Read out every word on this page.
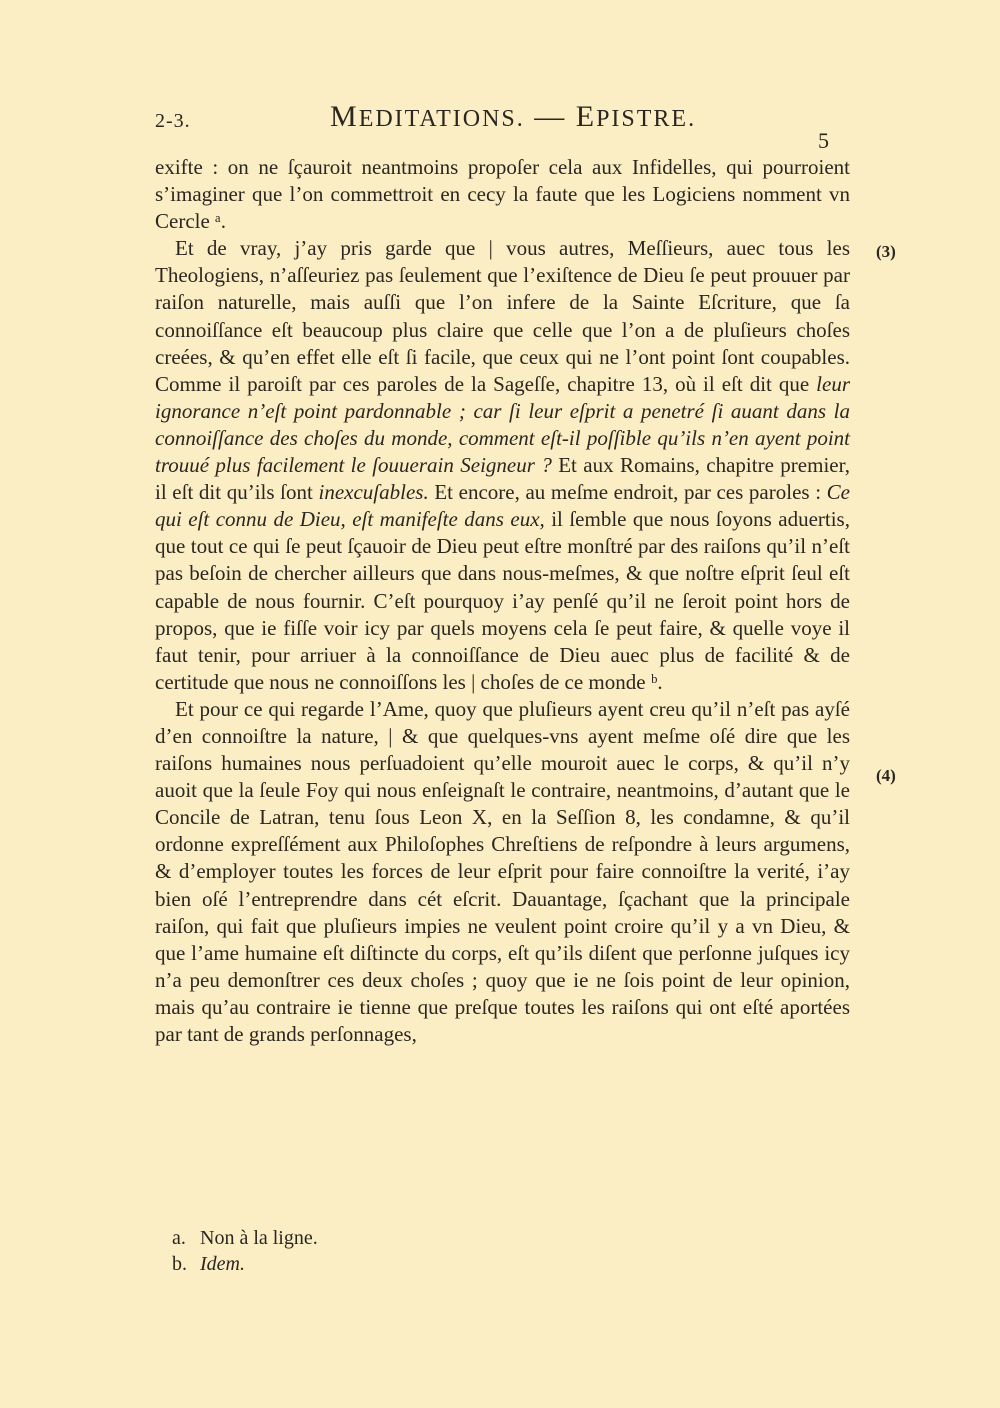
2-3.	MEDITATIONS. — EPISTRE.
5

exifte : on ne ſçauroit neantmoins propoſer cela aux Infidelles, qui pourroient s’imaginer que l’on commettroit en cecy la faute que les Logiciens nomment vn Cercle ᵃ.

Et de vray, j’ay pris garde que | vous autres, Meſſieurs, auec tous les Theologiens, n’aſſeuriez pas ſeulement que l’exiſtence de Dieu ſe peut prouuer par raiſon naturelle, mais auſſi que l’on infere de la Sainte Eſcriture, que ſa connoiſſance eſt beaucoup plus claire que celle que l’on a de pluſieurs choſes creées, & qu’en effet elle eſt ſi facile, que ceux qui ne l’ont point ſont coupables. Comme il paroiſt par ces paroles de la Sageſſe, chapitre 13, où il eſt dit que leur ignorance n’eſt point pardonnable ; car ſi leur eſprit a penetré ſi auant dans la connoiſſance des choſes du monde, comment eſt-il poſſible qu’ils n’en ayent point trouué plus facilement le ſouuerain Seigneur ? Et aux Romains, chapitre premier, il eſt dit qu’ils ſont inexcuſables. Et encore, au meſme endroit, par ces paroles : Ce qui eſt connu de Dieu, eſt manifeſte dans eux, il ſemble que nous ſoyons aduertis, que tout ce qui ſe peut ſçauoir de Dieu peut eſtre monſtré par des raiſons qu’il n’eſt pas beſoin de chercher ailleurs que dans nous-meſmes, & que noſtre eſprit ſeul eſt capable de nous fournir. C’eſt pourquoy i’ay penſé qu’il ne ſeroit point hors de propos, que ie fiſſe voir icy par quels moyens cela ſe peut faire, & quelle voye il faut tenir, pour arriuer à la connoiſſance de Dieu auec plus de facilité & de certitude que nous ne connoiſſons les | choſes de ce monde ᵇ.

Et pour ce qui regarde l’Ame, quoy que pluſieurs ayent creu qu’il n’eſt pas ayſé d’en connoiſtre la nature, | & que quelques-vns ayent meſme oſé dire que les raiſons humaines nous perſuadoient qu’elle mouroit auec le corps, & qu’il n’y auoit que la ſeule Foy qui nous enſeignaſt le contraire, neantmoins, d’autant que le Concile de Latran, tenu ſous Leon X, en la Seſſion 8, les condamne, & qu’il ordonne expreſſément aux Philoſophes Chreſtiens de reſpondre à leurs argumens, & d’employer toutes les forces de leur eſprit pour faire connoiſtre la verité, i’ay bien oſé l’entreprendre dans cét eſcrit. Dauantage, ſçachant que la principale raiſon, qui fait que pluſieurs impies ne veulent point croire qu’il y a vn Dieu, & que l’ame humaine eſt diſtincte du corps, eſt qu’ils diſent que perſonne juſques icy n’a peu demonſtrer ces deux choſes ; quoy que ie ne ſois point de leur opinion, mais qu’au contraire ie tienne que preſque toutes les raiſons qui ont eſté aportées par tant de grands perſonnages,

(3)
(4)
a. Non à la ligne.
b. Idem.
